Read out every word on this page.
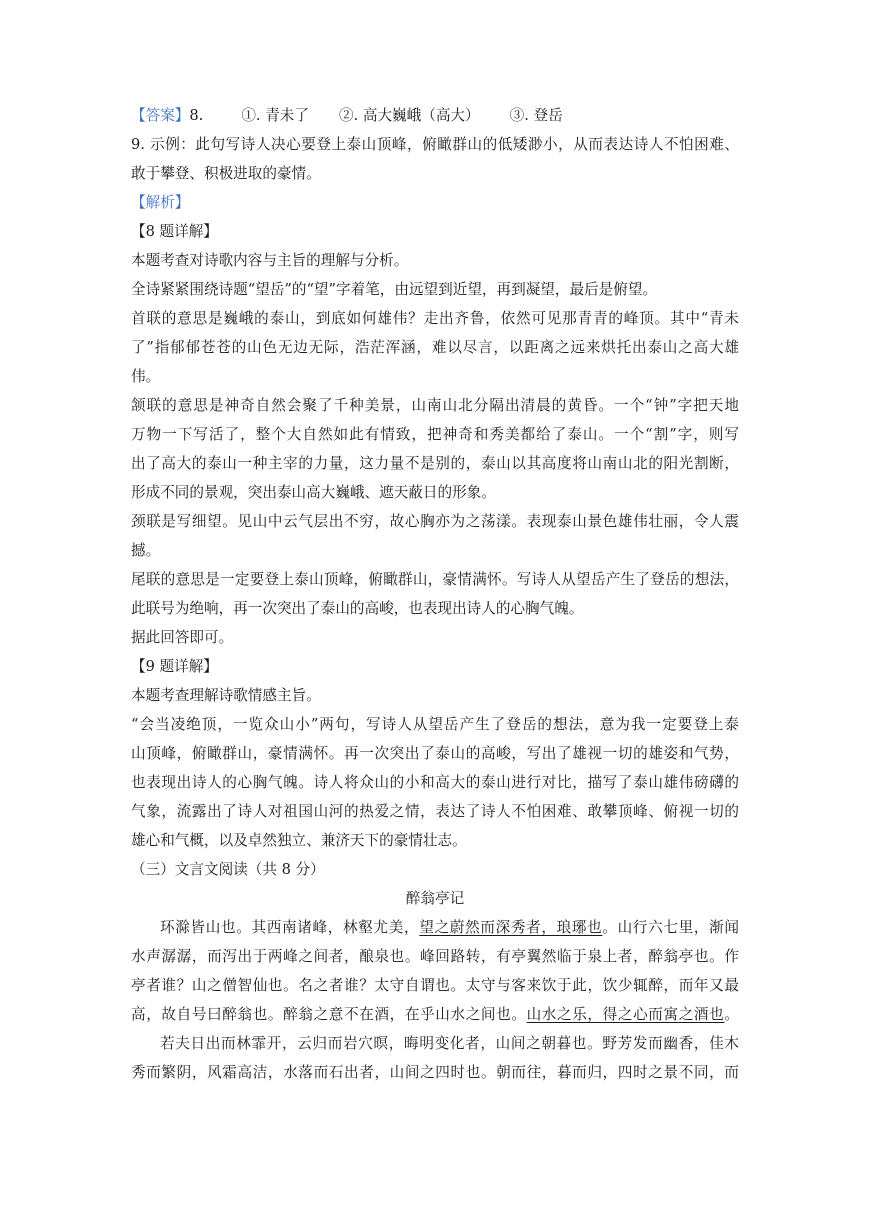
【答案】8.	①. 青未了 ②. 高大巍峨（高大） ③. 登岳
9. 示例：此句写诗人决心要登上泰山顶峰，俯瞰群山的低矮渺小，从而表达诗人不怕困难、
敢于攀登、积极进取的豪情。
【解析】
【8 题详解】
本题考查对诗歌内容与主旨的理解与分析。
全诗紧紧围绕诗题“望岳”的“望”字着笔，由远望到近望，再到凝望，最后是俯望。
首联的意思是巍峨的泰山，到底如何雄伟？走出齐鲁，依然可见那青青的峰顶。其中“青未
了”指郁郁苍苍的山色无边无际，浩茫浑涵，难以尽言，以距离之远来烘托出泰山之高大雄
伟。
颔联的意思是神奇自然会聚了千种美景，山南山北分隔出清晨的黄昏。一个“钟”字把天地
万物一下写活了，整个大自然如此有情致，把神奇和秀美都给了泰山。一个“割”字，则写
出了高大的泰山一种主宰的力量，这力量不是别的，泰山以其高度将山南山北的阳光割断，
形成不同的景观，突出泰山高大巍峨、遮天蔽日的形象。
颈联是写细望。见山中云气层出不穷，故心胸亦为之荡漾。表现泰山景色雄伟壮丽，令人震
撼。
尾联的意思是一定要登上泰山顶峰，俯瞰群山，豪情满怀。写诗人从望岳产生了登岳的想法，
此联号为绝响，再一次突出了泰山的高峻，也表现出诗人的心胸气魄。
据此回答即可。
【9 题详解】
本题考查理解诗歌情感主旨。
“会当凌绝顶，一览众山小”两句，写诗人从望岳产生了登岳的想法，意为我一定要登上泰
山顶峰，俯瞰群山，豪情满怀。再一次突出了泰山的高峻，写出了雄视一切的雄姿和气势，
也表现出诗人的心胸气魄。诗人将众山的小和高大的泰山进行对比，描写了泰山雄伟磅礴的
气象，流露出了诗人对祖国山河的热爱之情，表达了诗人不怕困难、敢攀顶峰、俯视一切的
雄心和气概，以及卓然独立、兼济天下的豪情壮志。
（三）文言文阅读（共 8 分）
醉翁亭记
环滁皆山也。其西南诸峰，林壑尤美，望之蔚然而深秀者，琅琊也。山行六七里，渐闻
水声潺潺，而泻出于两峰之间者，酿泉也。峰回路转，有亭翼然临于泉上者，醉翁亭也。作
亭者谁？山之僧智仙也。名之者谁？太守自谓也。太守与客来饮于此，饮少辄醉，而年又最
高，故自号曰醉翁也。醉翁之意不在酒，在乎山水之间也。山水之乐，得之心而寓之酒也。
若夫日出而林霏开，云归而岩穴暝，晦明变化者，山间之朝暮也。野芳发而幽香，佳木
秀而繁阴，风霜高洁，水落而石出者，山间之四时也。朝而往，暮而归，四时之景不同，而
